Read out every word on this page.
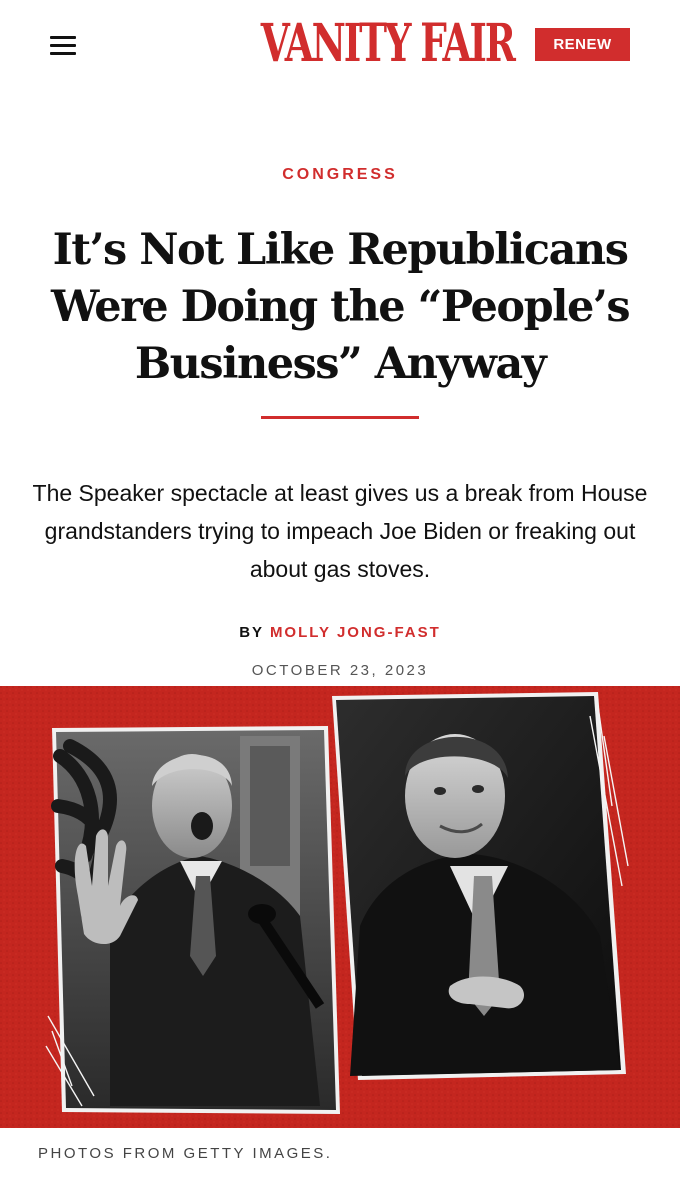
VANITY FAIR	RENEW
CONGRESS
It’s Not Like Republicans Were Doing the “People’s Business” Anyway

The Speaker spectacle at least gives us a break from House grandstanders trying to impeach Joe Biden or freaking out about gas stoves.

BY MOLLY JONG-FAST
OCTOBER 23, 2023
PHOTOS FROM GETTY IMAGES.
